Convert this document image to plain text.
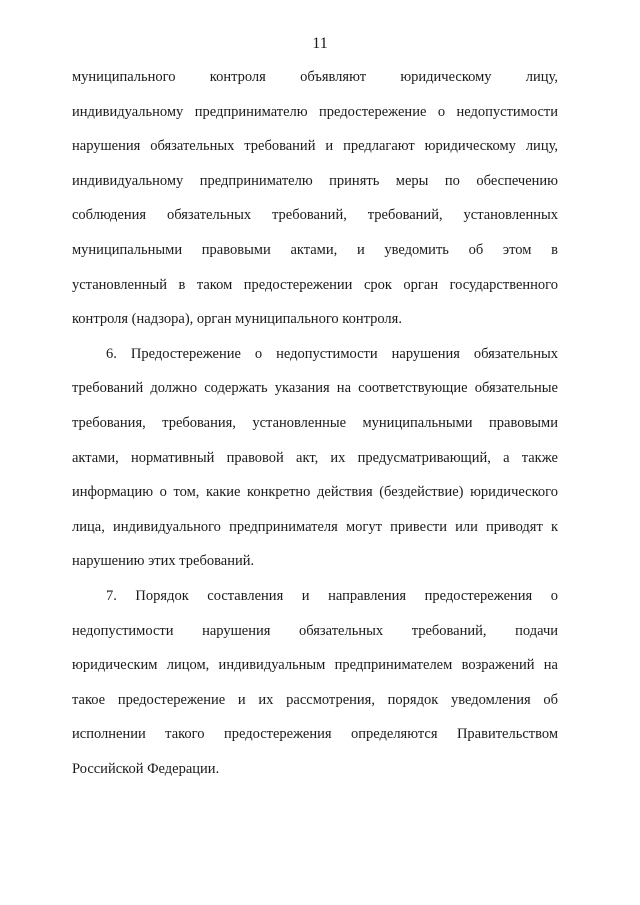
11
муниципального контроля объявляют юридическому лицу,
индивидуальному предпринимателю предостережение о недопустимости
нарушения обязательных требований и предлагают юридическому лицу,
индивидуальному предпринимателю принять меры по обеспечению
соблюдения обязательных требований, требований, установленных
муниципальными правовыми актами, и уведомить об этом в
установленный в таком предостережении срок орган государственного
контроля (надзора), орган муниципального контроля.
6. Предостережение о недопустимости нарушения обязательных
требований должно содержать указания на соответствующие обязательные
требования, требования, установленные муниципальными правовыми
актами, нормативный правовой акт, их предусматривающий, а также
информацию о том, какие конкретно действия (бездействие) юридического
лица, индивидуального предпринимателя могут привести или приводят к
нарушению этих требований.
7. Порядок составления и направления предостережения о
недопустимости нарушения обязательных требований, подачи
юридическим лицом, индивидуальным предпринимателем возражений на
такое предостережение и их рассмотрения, порядок уведомления об
исполнении такого предостережения определяются Правительством
Российской Федерации.
